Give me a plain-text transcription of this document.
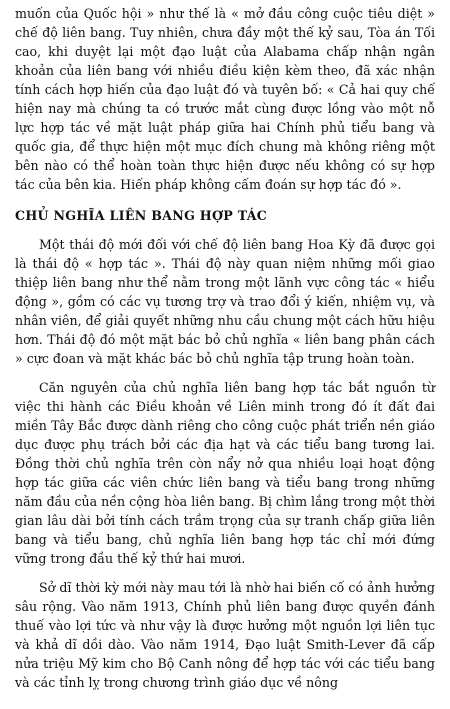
muốn của Quốc hội » như thế là « mở đầu công cuộc tiêu diệt » chế độ liên bang. Tuy nhiên, chưa đầy một thế kỷ sau, Tòa án Tối cao, khi duyệt lại một đạo luật của Alabama chấp nhận ngân khoản của liên bang với nhiều điều kiện kèm theo, đã xác nhận tính cách hợp hiến của đạo luật đó và tuyên bố: « Cả hai quy chế hiện nay mà chúng ta có trước mắt cùng được lồng vào một nỗ lực hợp tác về mặt luật pháp giữa hai Chính phủ tiểu bang và quốc gia, để thực hiện một mục đích chung mà không riêng một bên nào có thể hoàn toàn thực hiện được nếu không có sự hợp tác của bên kia. Hiến pháp không cấm đoán sự hợp tác đó ».

CHỦ NGHĨA LIÊN BANG HỢP TÁC

Một thái độ mới đối với chế độ liên bang Hoa Kỳ đã được gọi là thái độ « hợp tác ». Thái độ này quan niệm những mối giao thiệp liên bang như thể nằm trong một lãnh vực công tác « hiểu động », gồm có các vụ tương trợ và trao đổi ý kiến, nhiệm vụ, và nhân viên, để giải quyết những nhu cầu chung một cách hữu hiệu hơn. Thái độ đó một mặt bác bỏ chủ nghĩa « liên bang phân cách » cực đoan và mặt khác bác bỏ chủ nghĩa tập trung hoàn toàn.

Căn nguyên của chủ nghĩa liên bang hợp tác bắt nguồn từ việc thi hành các Điều khoản về Liên minh trong đó ít đất đai miền Tây Bắc được dành riêng cho công cuộc phát triển nền giáo dục được phụ trách bởi các địa hạt và các tiểu bang tương lai. Đồng thời chủ nghĩa trên còn nẩy nở qua nhiều loại hoạt động hợp tác giữa các viên chức liên bang và tiểu bang trong những năm đầu của nền cộng hòa liên bang. Bị chìm lắng trong một thời gian lâu dài bởi tính cách trầm trọng của sự tranh chấp giữa liên bang và tiểu bang, chủ nghĩa liên bang hợp tác chỉ mới đứng vững trong đầu thế kỷ thứ hai mươi.

Sở dĩ thời kỳ mới này mau tới là nhờ hai biến cố có ảnh hưởng sâu rộng. Vào năm 1913, Chính phủ liên bang được quyền đánh thuế vào lợi tức và như vậy là được hưởng một nguồn lợi liên tục và khả dĩ dồi dào. Vào năm 1914, Đạo luật Smith-Lever đã cấp nửa triệu Mỹ kim cho Bộ Canh nông để hợp tác với các tiểu bang và các tỉnh lỵ trong chương trình giáo dục về nông
